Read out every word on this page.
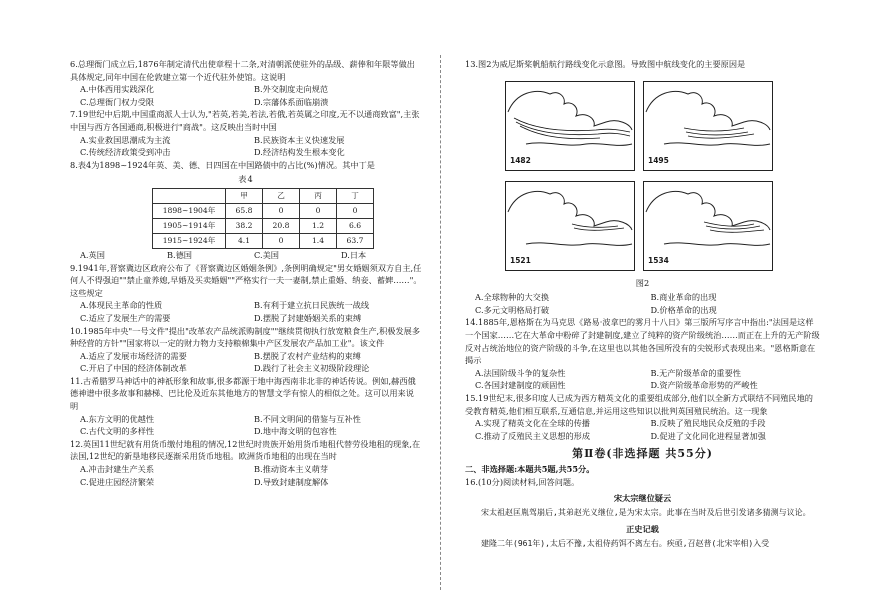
6.总理衙门成立后,1876年制定清代出使章程十二条,对清朝派使驻外的品级、薪俸和年限等做出具体规定,同年中国在伦敦建立第一个近代驻外使馆。这说明

A.中体西用实践深化	B.外交制度走向规范
C.总理衙门权力受限	D.宗藩体系面临崩溃

7.19世纪中后期,中国重商派人士认为,"若英,若美,若法,若俄,若英属之印度,无不以通商致富",主张中国与西方各国通商,积极进行"商战"。这反映出当时中国

A.实业救国思潮成为主流	B.民族资本主义快速发展
C.传统经济政策受到冲击	D.经济结构发生根本变化

8.表4为1898~1924年英、美、德、日四国在中国路债中的占比(%)情况。其中丁是

表4
	甲	乙	丙	丁
1898~1904年	65.8	0	0	0
1905~1914年	38.2	20.8	1.2	6.6
1915~1924年	4.1	0	1.4	63.7
A.英国	B.德国	C.美国	D.日本

9.1941年,晋察冀边区政府公布了《晋察冀边区婚姻条例》,条例明确规定"男女婚姻须双方自主,任何人不得强迫""禁止童养媳,早婚及买卖婚姻""严格实行一夫一妻制,禁止重婚、纳妾、蓄婢……"。这些规定

A.体现民主革命的性质	B.有利于建立抗日民族统一战线
C.适应了发展生产的需要	D.摆脱了封建婚姻关系的束缚

10.1985年中央"一号文件"提出"改革农产品统派购制度""继续贯彻执行放宽粮食生产,积极发展多种经营的方针""国家将以一定的财力物力支持粮棉集中产区发展农产品加工业"。该文件

A.适应了发展市场经济的需要	B.摆脱了农村产业结构的束缚
C.开启了中国的经济体制改革	D.践行了社会主义初级阶段理论

11.古希腊罗马神话中的神祇形象和故事,很多都源于地中海西南非北非的神话传说。例如,赫西俄德神谱中很多故事和赫梯、巴比伦及近东其他地方的智慧文学有惊人的相似之处。这可以用来说明

A.东方文明的优越性	B.不同文明间的借鉴与互补性
C.古代文明的多样性	D.地中海文明的包容性

12.英国11世纪就有用货币缴付地租的情况,12世纪时贵族开始用货币地租代替劳役地租的现象,在法国,12世纪的新垦地移民逐渐采用货币地租。欧洲货币地租的出现在当时

A.冲击封建生产关系	B.推动资本主义萌芽
C.促进庄园经济繁荣	D.导致封建制度解体

13.图2为威尼斯桨帆船航行路线变化示意图。导致图中航线变化的主要原因是

1482	1495
1521	1534
图2
A.全球物种的大交换	B.商业革命的出现
C.多元文明格局打破	D.价格革命的出现

14.1885年,恩格斯在为马克思《路易·波拿巴的雾月十八日》第三版所写序言中指出:"法国是这样一个国家……它在大革命中粉碎了封建制度,建立了纯粹的资产阶级统治……而正在上升的无产阶级反对占统治地位的资产阶级的斗争,在这里也以其他各国所没有的尖锐形式表现出来。"恩格斯意在揭示

A.法国阶级斗争的复杂性	B.无产阶级革命的重要性
C.各国封建制度的顽固性	D.资产阶级革命形势的严峻性

15.19世纪末,很多印度人已成为西方精英文化的重要组成部分,他们以全新方式联结不同殖民地的受教育精英,他们相互联系,互通信息,并运用这些知识以批判英国殖民统治。这一现象

A.实现了精英文化在全球的传播	B.反映了殖民地民众反殖的手段
C.推动了反殖民主义思想的形成	D.促进了文化同化进程显著加强
第Ⅱ卷(非选择题 共55分)

二、非选择题:本题共5题,共55分。

16.(10分)阅读材料,回答问题。

宋太宗继位疑云

宋太祖赵匡胤驾崩后,其弟赵光义继位,是为宋太宗。此事在当时及后世引发诸多猜测与议论。

正史记载

建隆二年(961年),太后不豫,太祖侍药饵不离左右。疾亟,召赵普(北宋宰相)入受
